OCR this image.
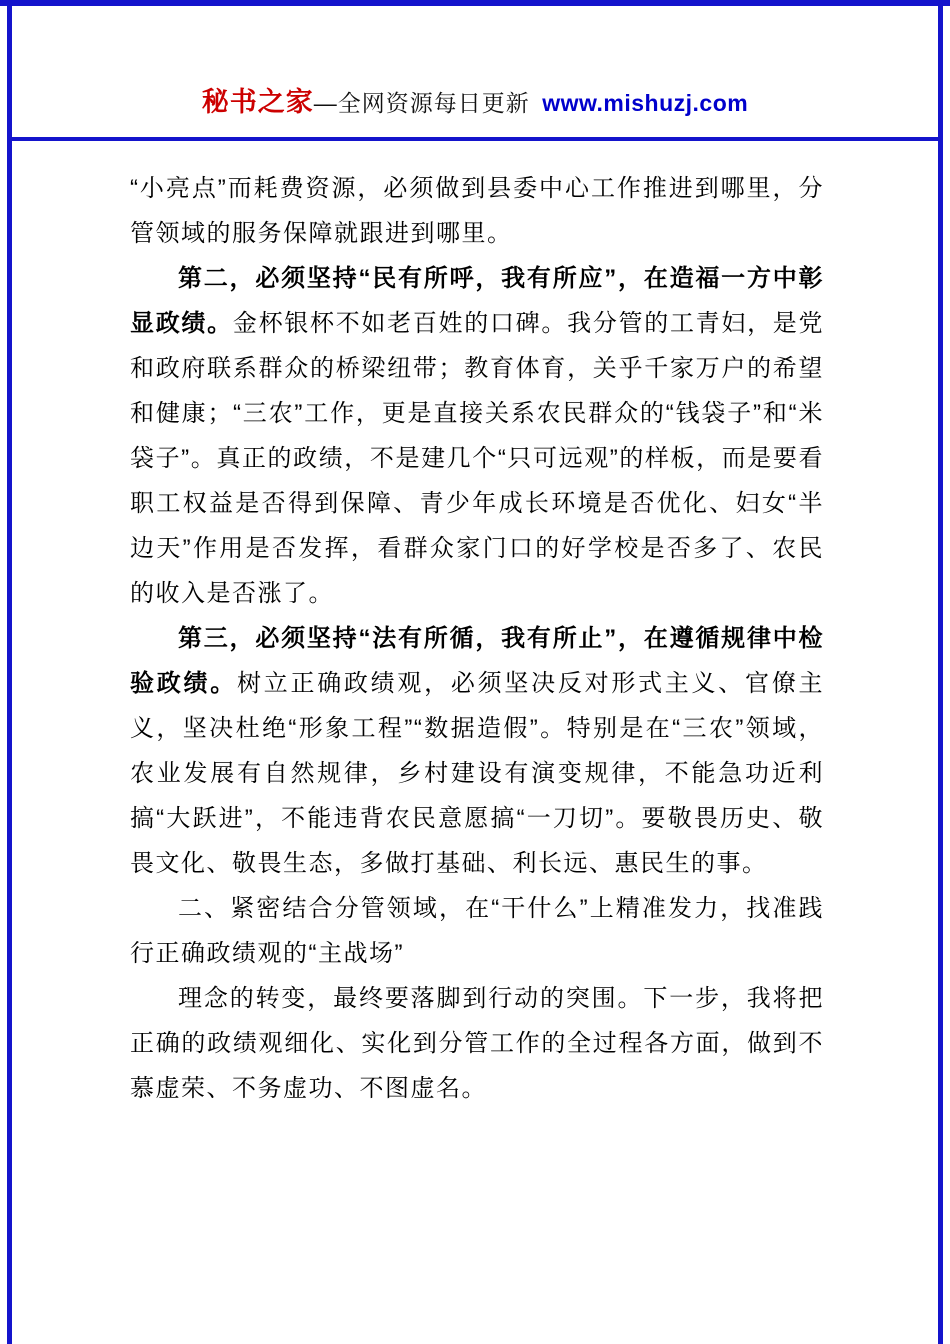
秘书之家—全网资源每日更新 www.mishuzj.com

“小亮点”而耗费资源，必须做到县委中心工作推进到哪里，分管领域的服务保障就跟进到哪里。

第二，必须坚持“民有所呼，我有所应”，在造福一方中彰显政绩。金杯银杯不如老百姓的口碑。我分管的工青妇，是党和政府联系群众的桥梁纽带；教育体育，关乎千家万户的希望和健康；“三农”工作，更是直接关系农民群众的“钱袋子”和“米袋子”。真正的政绩，不是建几个“只可远观”的样板，而是要看职工权益是否得到保障、青少年成长环境是否优化、妇女“半边天”作用是否发挥，看群众家门口的好学校是否多了、农民的收入是否涨了。

第三，必须坚持“法有所循，我有所止”，在遵循规律中检验政绩。树立正确政绩观，必须坚决反对形式主义、官僚主义，坚决杜绝“形象工程”“数据造假”。特别是在“三农”领域，农业发展有自然规律，乡村建设有演变规律，不能急功近利搞“大跃进”，不能违背农民意愿搞“一刀切”。要敬畏历史、敬畏文化、敬畏生态，多做打基础、利长远、惠民生的事。

二、紧密结合分管领域，在“干什么”上精准发力，找准践行正确政绩观的“主战场”

理念的转变，最终要落脚到行动的突围。下一步，我将把正确的政绩观细化、实化到分管工作的全过程各方面，做到不慕虚荣、不务虚功、不图虚名。
